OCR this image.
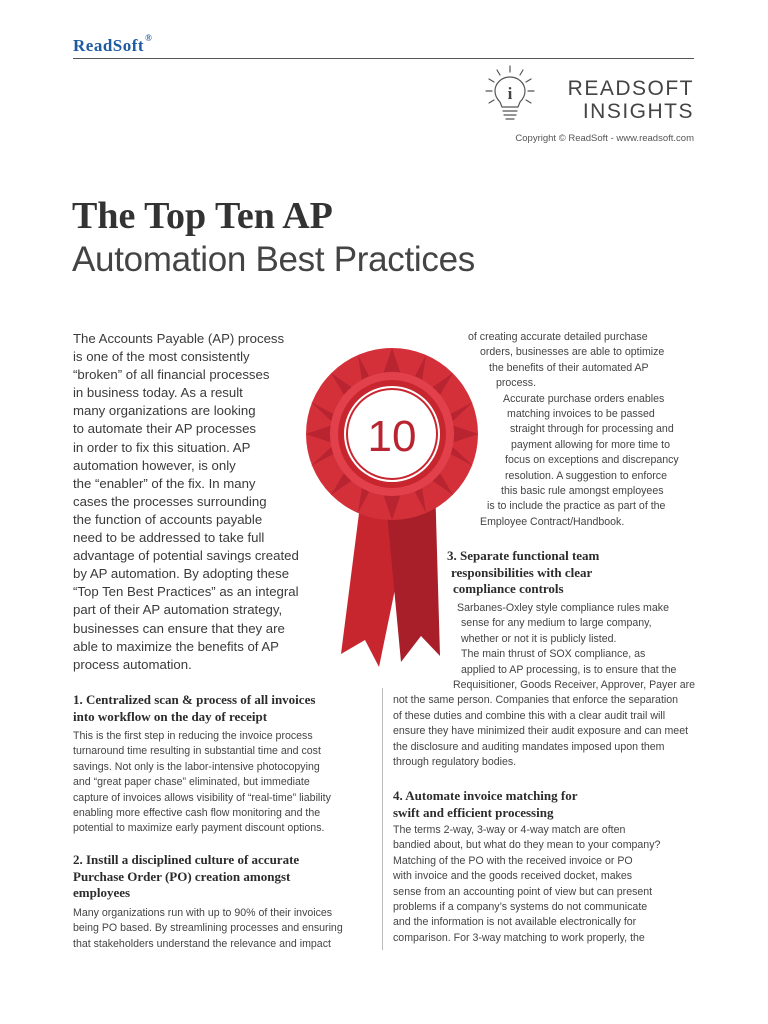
ReadSoft®
i	READSOFT
INSIGHTS
Copyright © ReadSoft - www.readsoft.com
The Top Ten AP
Automation Best Practices

The Accounts Payable (AP) process

is one of the most consistently

“broken” of all financial processes

in business today. As a result

many organizations are looking

to automate their AP processes

in order to fix this situation. AP

automation however, is only

the “enabler” of the fix. In many

cases the processes surrounding

the function of accounts payable

need to be addressed to take full

advantage of potential savings created

by AP automation. By adopting these

“Top Ten Best Practices” as an integral

part of their AP automation strategy,

businesses can ensure that they are

able to maximize the benefits of AP

process automation.

10

1. Centralized scan & process of all invoices

into workflow on the day of receipt

This is the first step in reducing the invoice process

turnaround time resulting in substantial time and cost

savings. Not only is the labor-intensive photocopying

and “great paper chase” eliminated, but immediate

capture of invoices allows visibility of “real-time” liability

enabling more effective cash flow monitoring and the

potential to maximize early payment discount options.

2. Instill a disciplined culture of accurate

Purchase Order (PO) creation amongst

employees

Many organizations run with up to 90% of their invoices

being PO based. By streamlining processes and ensuring

that stakeholders understand the relevance and impact

of creating accurate detailed purchase

orders, businesses are able to optimize

the benefits of their automated AP

process.

Accurate purchase orders enables

matching invoices to be passed

straight through for processing and

payment allowing for more time to

focus on exceptions and discrepancy

resolution. A suggestion to enforce

this basic rule amongst employees

is to include the practice as part of the

Employee Contract/Handbook.

3. Separate functional team

responsibilities with clear

compliance controls

Sarbanes-Oxley style compliance rules make

sense for any medium to large company,

whether or not it is publicly listed.

The main thrust of SOX compliance, as

applied to AP processing, is to ensure that the

Requisitioner, Goods Receiver, Approver, Payer are

not the same person. Companies that enforce the separation

of these duties and combine this with a clear audit trail will

ensure they have minimized their audit exposure and can meet

the disclosure and auditing mandates imposed upon them

through regulatory bodies.

4. Automate invoice matching for

swift and efficient processing

The terms 2-way, 3-way or 4-way match are often

bandied about, but what do they mean to your company?

Matching of the PO with the received invoice or PO

with invoice and the goods received docket, makes

sense from an accounting point of view but can present

problems if a company’s systems do not communicate

and the information is not available electronically for

comparison. For 3-way matching to work properly, the
